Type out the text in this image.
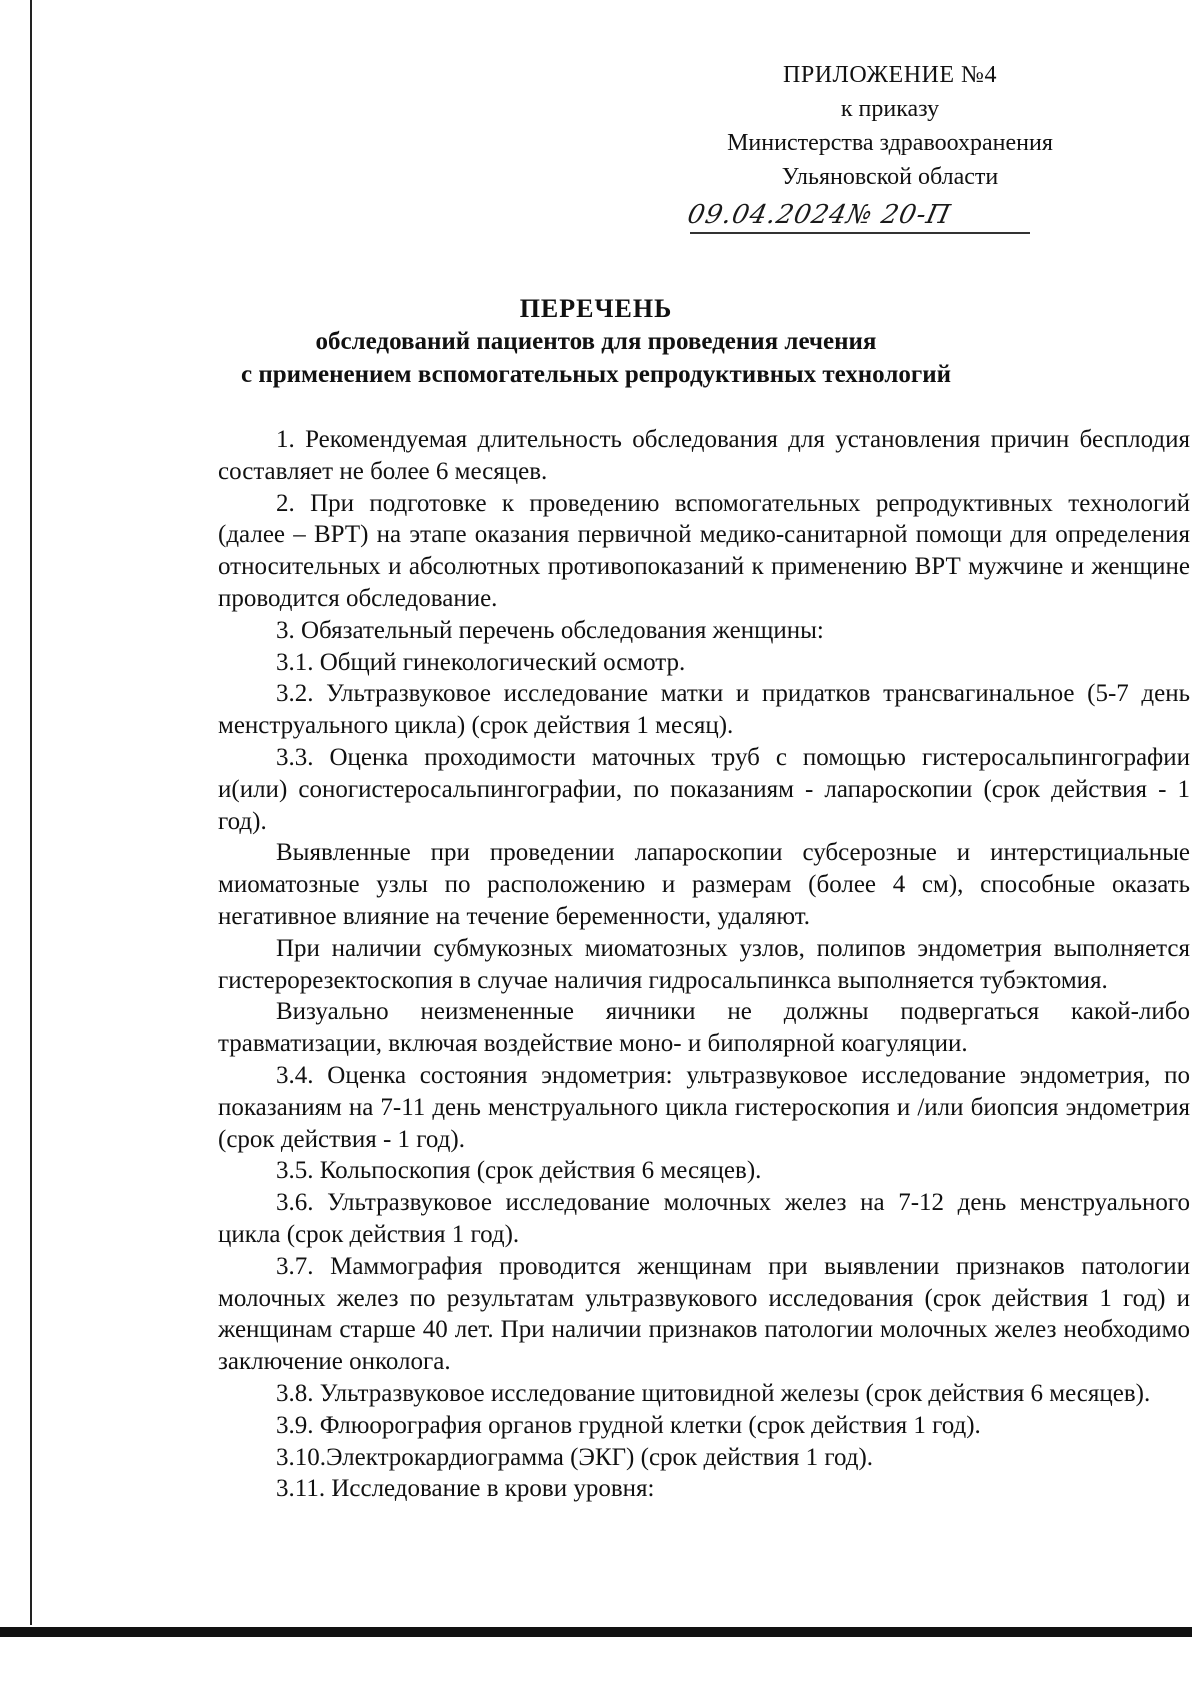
ПРИЛОЖЕНИЕ №4
к приказу
Министерства здравоохранения
Ульяновской области
09.04.2024№ 20-П
ПЕРЕЧЕНЬ
обследований пациентов для проведения лечения
с применением вспомогательных репродуктивных технологий

1. Рекомендуемая длительность обследования для установления причин бесплодия составляет не более 6 месяцев.

2. При подготовке к проведению вспомогательных репродуктивных технологий (далее – ВРТ) на этапе оказания первичной медико-санитарной помощи для определения относительных и абсолютных противопоказаний к применению ВРТ мужчине и женщине проводится обследование.

3. Обязательный перечень обследования женщины:

3.1. Общий гинекологический осмотр.

3.2. Ультразвуковое исследование матки и придатков трансвагинальное (5-7 день менструального цикла) (срок действия 1 месяц).

3.3. Оценка проходимости маточных труб с помощью гистеросальпингографии и(или) соногистеросальпингографии, по показаниям - лапароскопии (срок действия - 1 год).

Выявленные при проведении лапароскопии субсерозные и интерстициальные миоматозные узлы по расположению и размерам (более 4 см), способные оказать негативное влияние на течение беременности, удаляют.

При наличии субмукозных миоматозных узлов, полипов эндометрия выполняется гистерорезектоскопия в случае наличия гидросальпинкса выполняется тубэктомия.

Визуально неизмененные яичники не должны подвергаться какой-либо травматизации, включая воздействие моно- и биполярной коагуляции.

3.4. Оценка состояния эндометрия: ультразвуковое исследование эндометрия, по показаниям на 7-11 день менструального цикла гистероскопия и /или биопсия эндометрия (срок действия - 1 год).

3.5. Кольпоскопия (срок действия 6 месяцев).

3.6. Ультразвуковое исследование молочных желез на 7-12 день менструального цикла (срок действия 1 год).

3.7. Маммография проводится женщинам при выявлении признаков патологии молочных желез по результатам ультразвукового исследования (срок действия 1 год) и женщинам старше 40 лет. При наличии признаков патологии молочных желез необходимо заключение онколога.

3.8. Ультразвуковое исследование щитовидной железы (срок действия 6 месяцев).

3.9. Флюорография органов грудной клетки (срок действия 1 год).

3.10.Электрокардиограмма (ЭКГ) (срок действия 1 год).

3.11. Исследование в крови уровня:
